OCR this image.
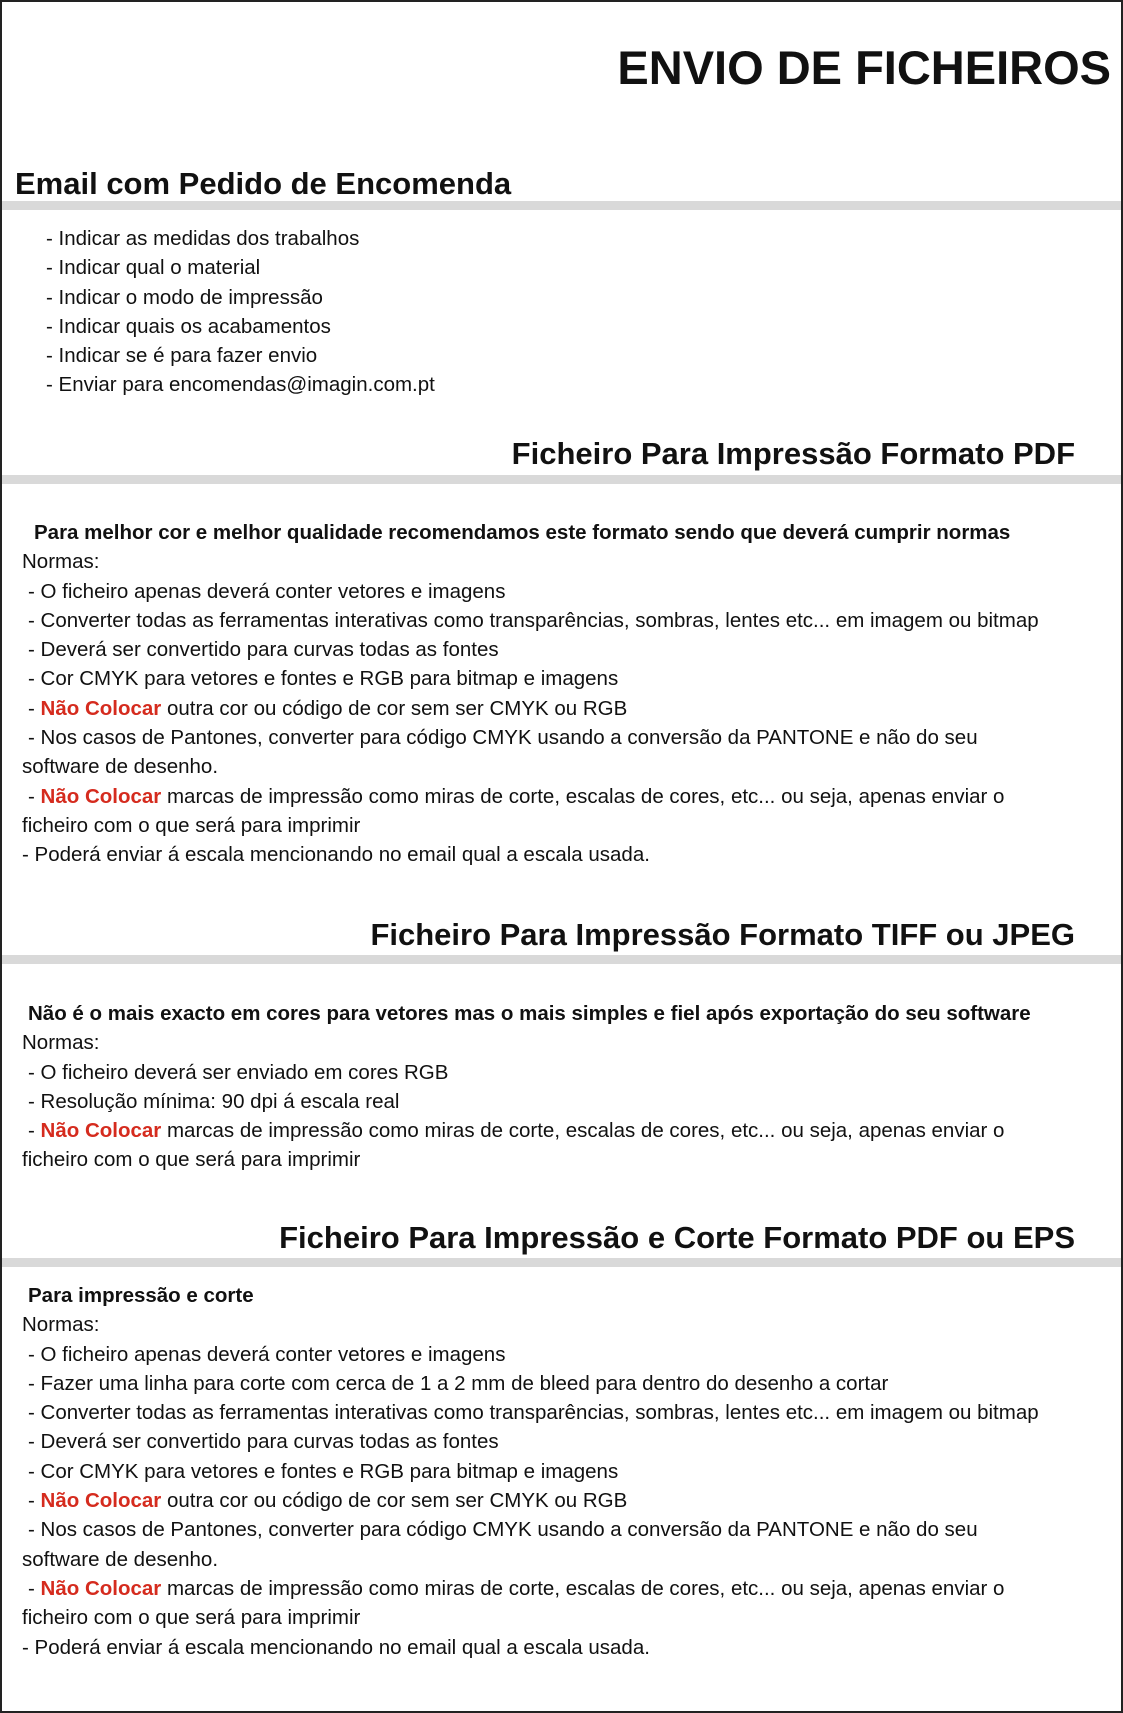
ENVIO DE FICHEIROS
Email com Pedido de Encomenda
- Indicar as medidas dos trabalhos
- Indicar qual o material
- Indicar o modo de impressão
- Indicar quais os acabamentos
- Indicar se é para fazer envio
- Enviar para encomendas@imagin.com.pt
Ficheiro Para Impressão Formato PDF
Para melhor cor e melhor qualidade recomendamos este formato sendo que deverá cumprir normas
Normas:
- O ficheiro apenas deverá conter vetores e imagens
- Converter todas as ferramentas interativas como transparências, sombras, lentes etc... em imagem ou bitmap
- Deverá ser convertido para curvas todas as fontes
- Cor CMYK para vetores e fontes e RGB para bitmap e imagens
- Não Colocar outra cor ou código de cor sem ser CMYK ou RGB
- Nos casos de Pantones, converter para código CMYK usando a conversão da PANTONE e não do seu software de desenho.
- Não Colocar marcas de impressão como miras de corte, escalas de cores, etc... ou seja, apenas enviar o ficheiro com o que será para imprimir
- Poderá enviar á escala mencionando no email qual a escala usada.
Ficheiro Para Impressão Formato TIFF ou JPEG
Não é o mais exacto em cores para vetores mas o mais simples e fiel após exportação do seu software
Normas:
- O ficheiro deverá ser enviado em cores RGB
- Resolução mínima: 90 dpi á escala real
- Não Colocar marcas de impressão como miras de corte, escalas de cores, etc... ou seja, apenas enviar o ficheiro com o que será para imprimir
Ficheiro Para Impressão e Corte Formato PDF ou EPS
Para impressão e corte
Normas:
- O ficheiro apenas deverá conter vetores e imagens
- Fazer uma linha para corte com cerca de 1 a 2 mm de bleed para dentro do desenho a cortar
- Converter todas as ferramentas interativas como transparências, sombras, lentes etc... em imagem ou bitmap
- Deverá ser convertido para curvas todas as fontes
- Cor CMYK para vetores e fontes e RGB para bitmap e imagens
- Não Colocar outra cor ou código de cor sem ser CMYK ou RGB
- Nos casos de Pantones, converter para código CMYK usando a conversão da PANTONE e não do seu software de desenho.
- Não Colocar marcas de impressão como miras de corte, escalas de cores, etc... ou seja, apenas enviar o ficheiro com o que será para imprimir
- Poderá enviar á escala mencionando no email qual a escala usada.
